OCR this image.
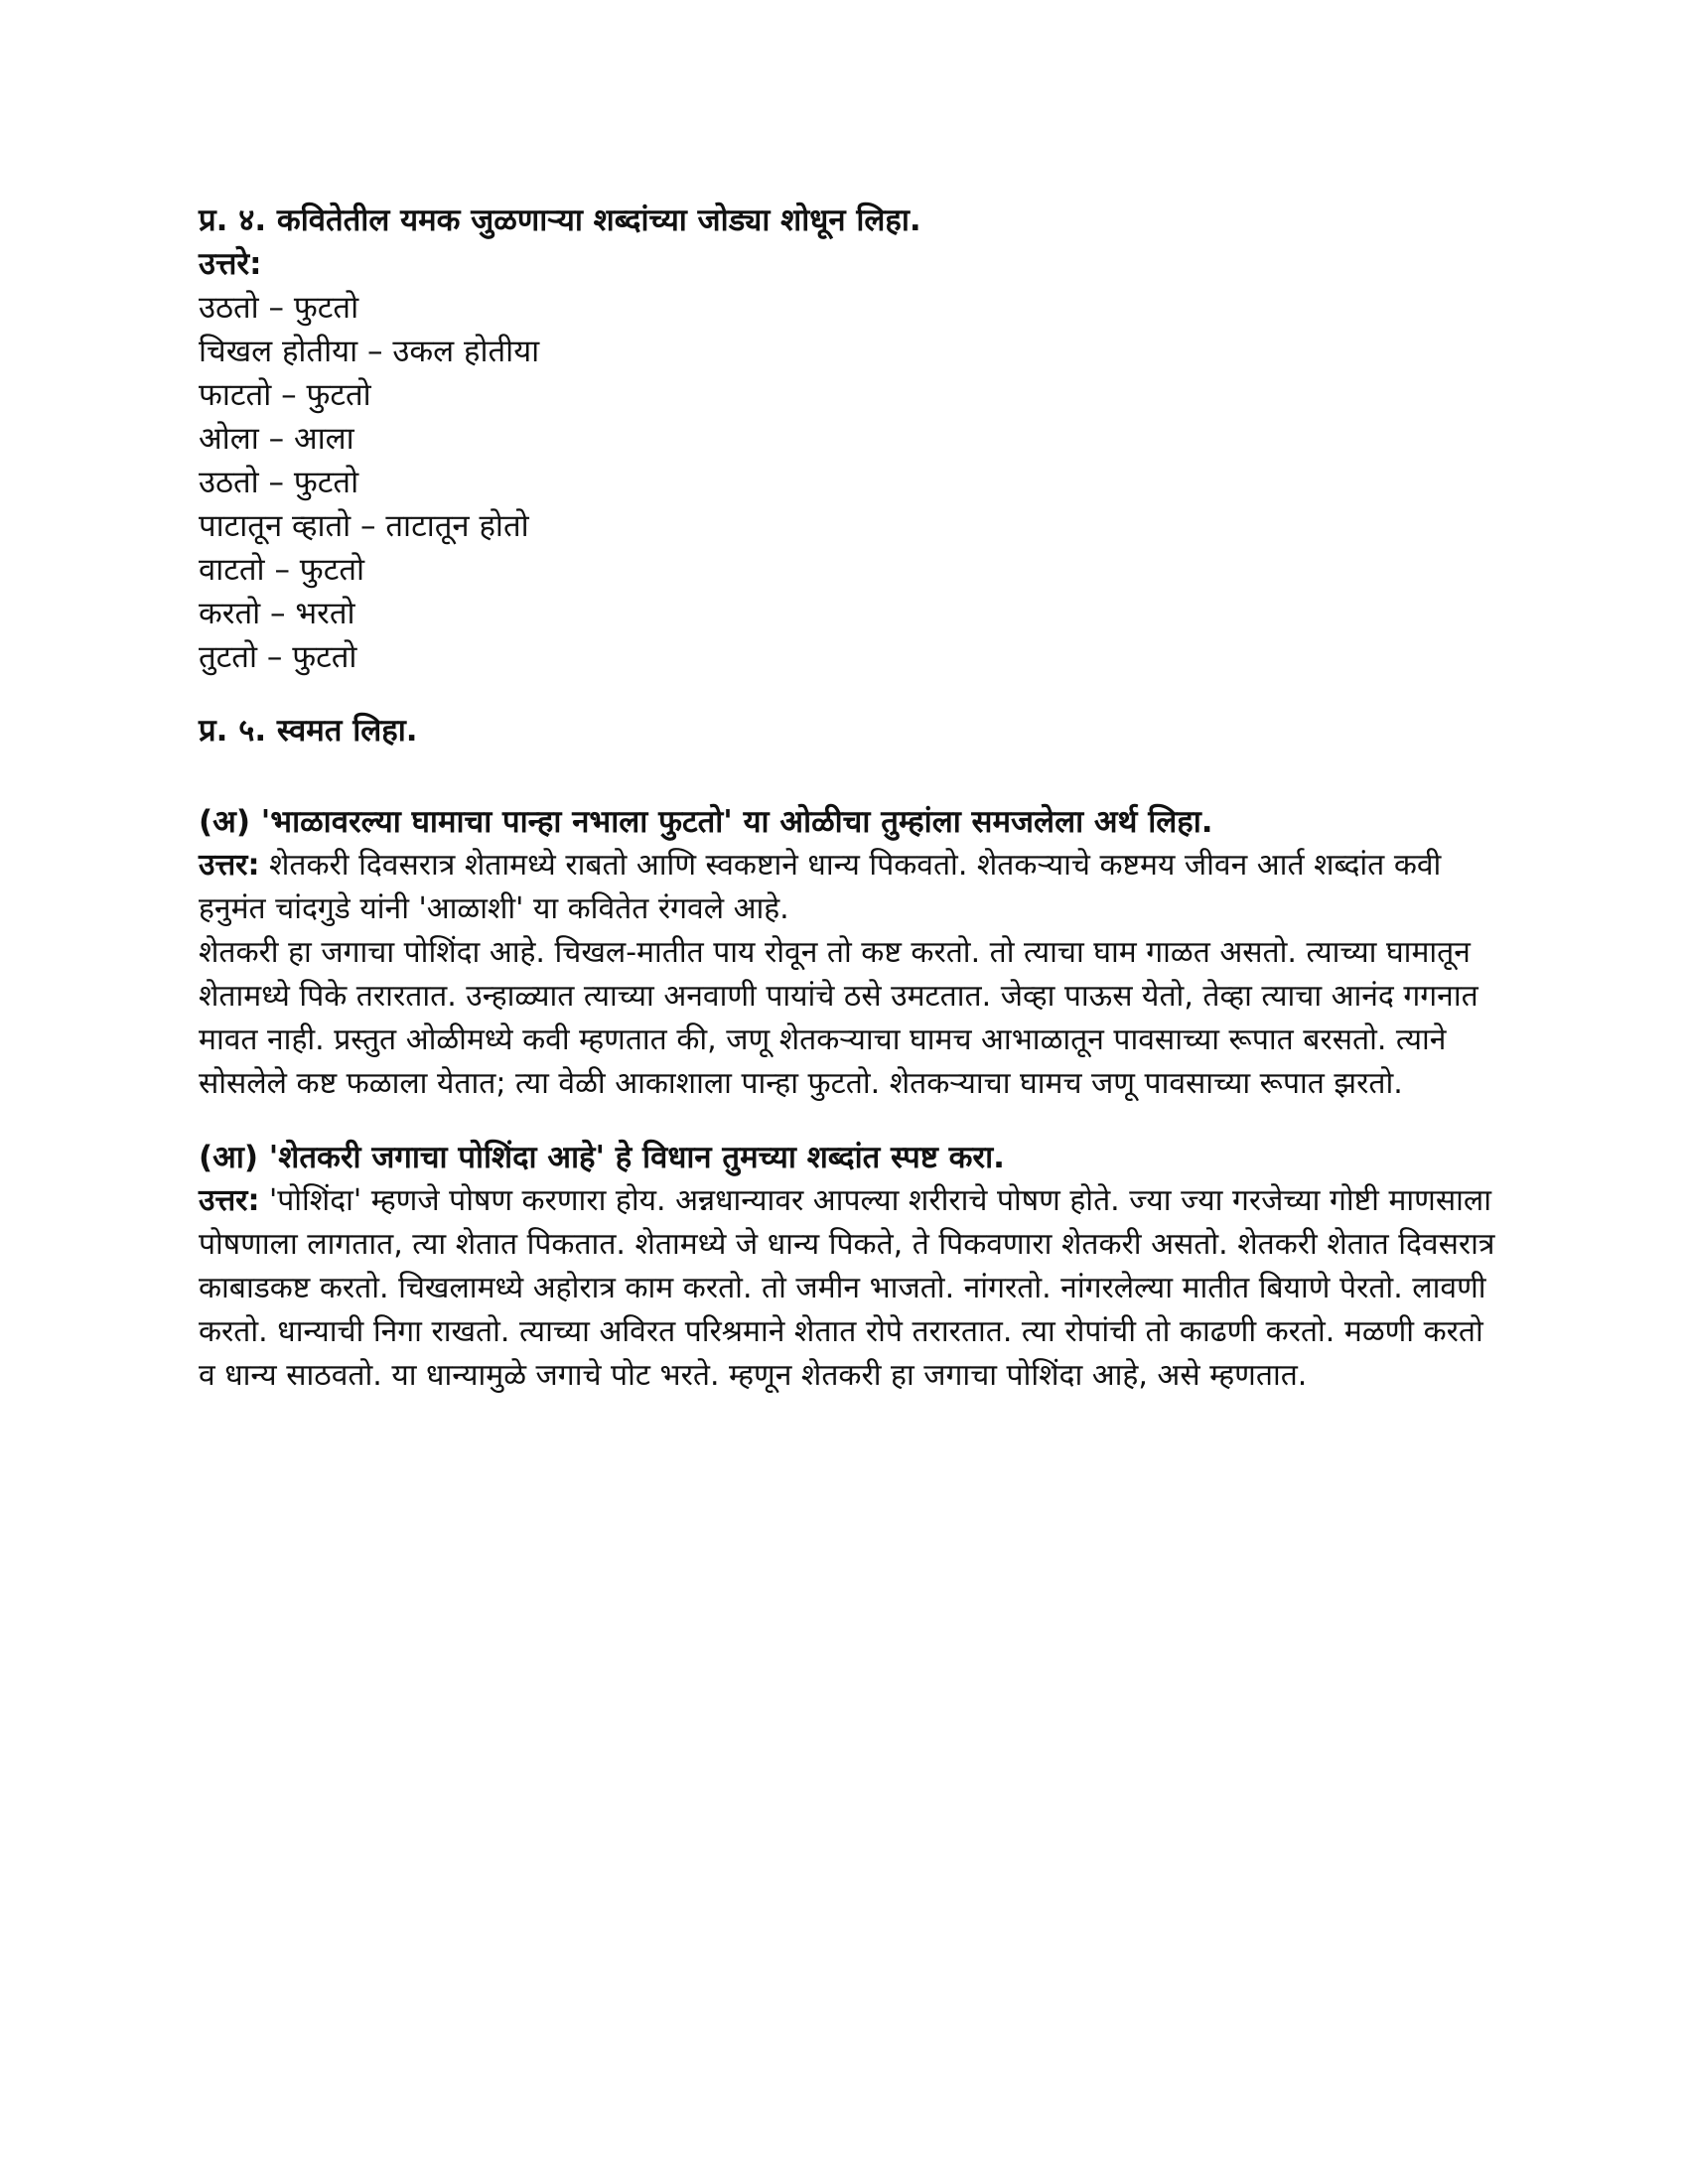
प्र. ४. कवितेतील यमक जुळणाऱ्या शब्दांच्या जोड्या शोधून लिहा.

उत्तरे:

उठतो – फुटतो
चिखल होतीया – उकल होतीया
फाटतो – फुटतो
ओला – आला
उठतो – फुटतो
पाटातून व्हातो – ताटातून होतो
वाटतो – फुटतो
करतो – भरतो
तुटतो – फुटतो

प्र. ५. स्वमत लिहा.

(अ) 'भाळावरल्या घामाचा पान्हा नभाला फुटतो' या ओळीचा तुम्हांला समजलेला अर्थ लिहा.

उत्तर: शेतकरी दिवसरात्र शेतामध्ये राबतो आणि स्वकष्टाने धान्य पिकवतो. शेतकऱ्याचे कष्टमय जीवन आर्त शब्दांत कवी हनुमंत चांदगुडे यांनी 'आळाशी' या कवितेत रंगवले आहे.

शेतकरी हा जगाचा पोशिंदा आहे. चिखल-मातीत पाय रोवून तो कष्ट करतो. तो त्याचा घाम गाळत असतो. त्याच्या घामातून शेतामध्ये पिके तरारतात. उन्हाळ्यात त्याच्या अनवाणी पायांचे ठसे उमटतात. जेव्हा पाऊस येतो, तेव्हा त्याचा आनंद गगनात मावत नाही. प्रस्तुत ओळीमध्ये कवी म्हणतात की, जणू शेतकऱ्याचा घामच आभाळातून पावसाच्या रूपात बरसतो. त्याने सोसलेले कष्ट फळाला येतात; त्या वेळी आकाशाला पान्हा फुटतो. शेतकऱ्याचा घामच जणू पावसाच्या रूपात झरतो.

(आ) 'शेतकरी जगाचा पोशिंदा आहे' हे विधान तुमच्या शब्दांत स्पष्ट करा.

उत्तर: 'पोशिंदा' म्हणजे पोषण करणारा होय. अन्नधान्यावर आपल्या शरीराचे पोषण होते. ज्या ज्या गरजेच्या गोष्टी माणसाला पोषणाला लागतात, त्या शेतात पिकतात. शेतामध्ये जे धान्य पिकते, ते पिकवणारा शेतकरी असतो. शेतकरी शेतात दिवसरात्र काबाडकष्ट करतो. चिखलामध्ये अहोरात्र काम करतो. तो जमीन भाजतो. नांगरतो. नांगरलेल्या मातीत बियाणे पेरतो. लावणी करतो. धान्याची निगा राखतो. त्याच्या अविरत परिश्रमाने शेतात रोपे तरारतात. त्या रोपांची तो काढणी करतो. मळणी करतो व धान्य साठवतो. या धान्यामुळे जगाचे पोट भरते. म्हणून शेतकरी हा जगाचा पोशिंदा आहे, असे म्हणतात.
